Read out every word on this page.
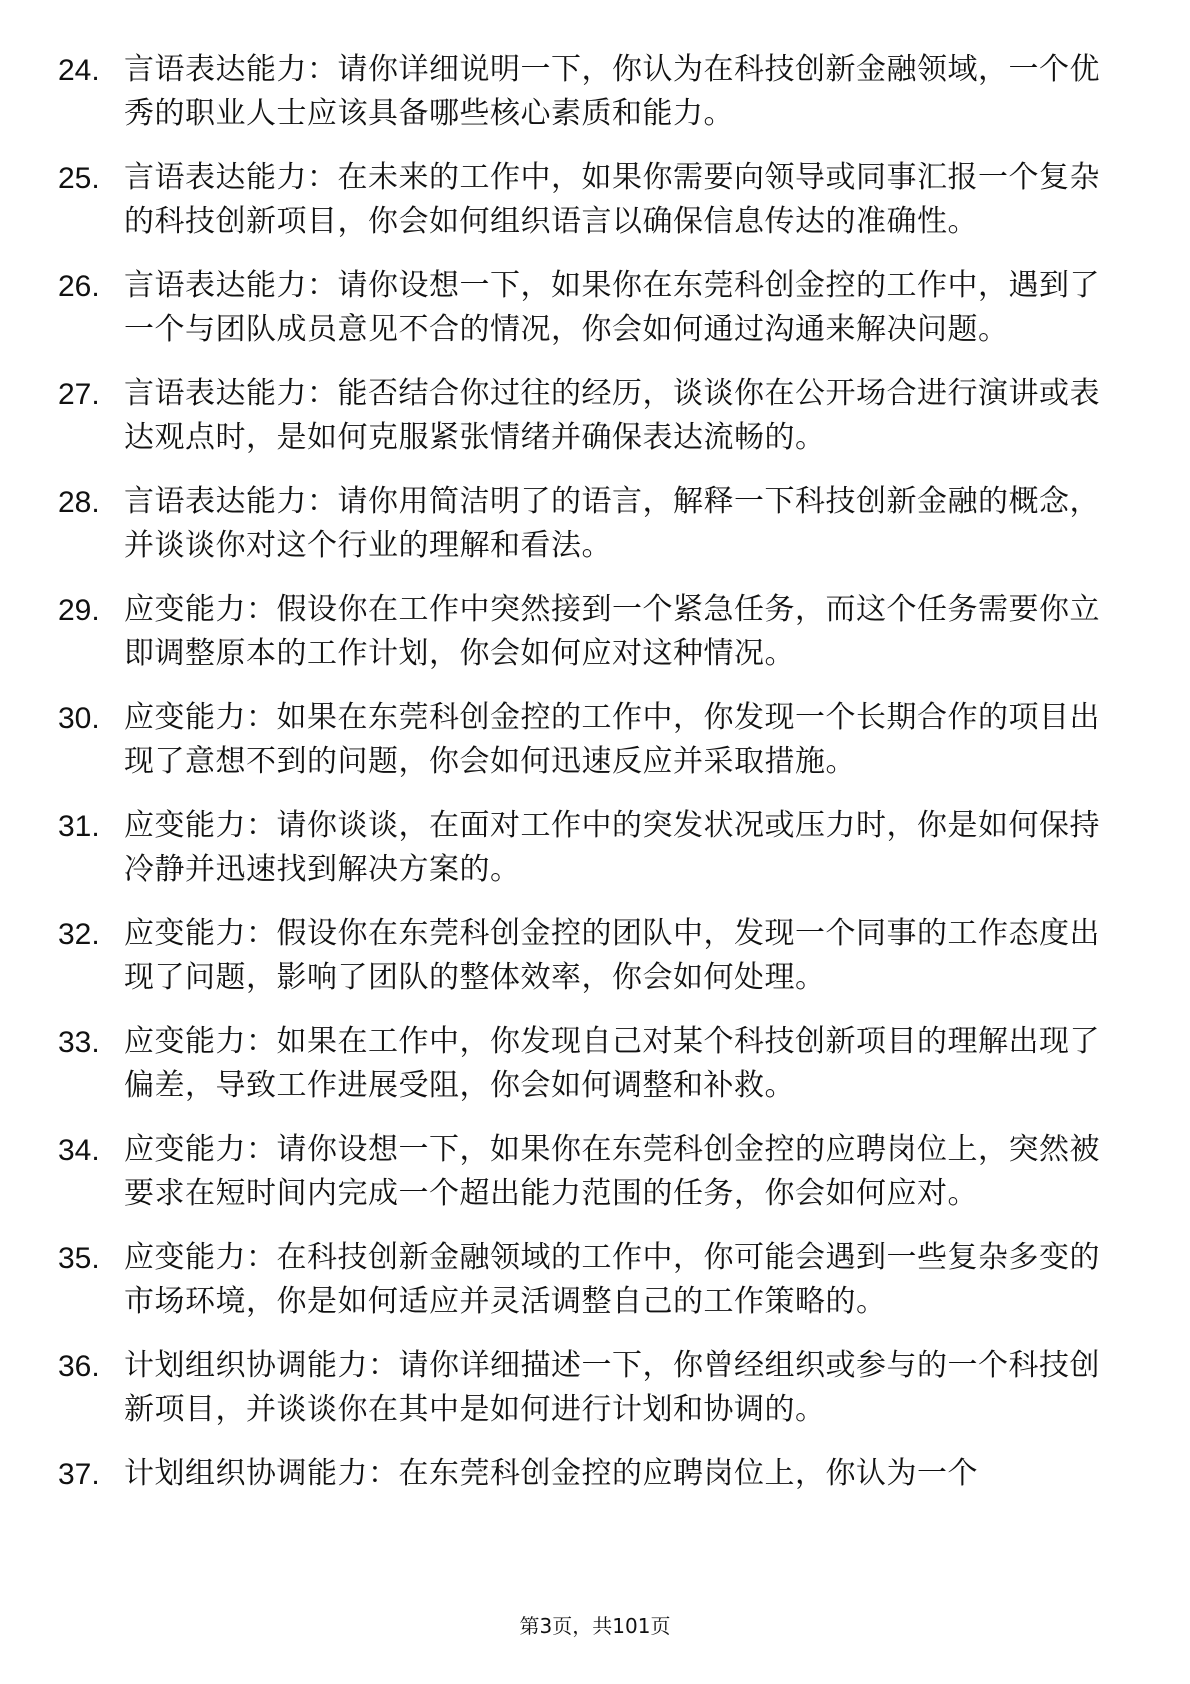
24. 言语表达能力：请你详细说明一下，你认为在科技创新金融领域，一个优秀的职业人士应该具备哪些核心素质和能力。
25. 言语表达能力：在未来的工作中，如果你需要向领导或同事汇报一个复杂的科技创新项目，你会如何组织语言以确保信息传达的准确性。
26. 言语表达能力：请你设想一下，如果你在东莞科创金控的工作中，遇到了一个与团队成员意见不合的情况，你会如何通过沟通来解决问题。
27. 言语表达能力：能否结合你过往的经历，谈谈你在公开场合进行演讲或表达观点时，是如何克服紧张情绪并确保表达流畅的。
28. 言语表达能力：请你用简洁明了的语言，解释一下科技创新金融的概念，并谈谈你对这个行业的理解和看法。
29. 应变能力：假设你在工作中突然接到一个紧急任务，而这个任务需要你立即调整原本的工作计划，你会如何应对这种情况。
30. 应变能力：如果在东莞科创金控的工作中，你发现一个长期合作的项目出现了意想不到的问题，你会如何迅速反应并采取措施。
31. 应变能力：请你谈谈，在面对工作中的突发状况或压力时，你是如何保持冷静并迅速找到解决方案的。
32. 应变能力：假设你在东莞科创金控的团队中，发现一个同事的工作态度出现了问题，影响了团队的整体效率，你会如何处理。
33. 应变能力：如果在工作中，你发现自己对某个科技创新项目的理解出现了偏差，导致工作进展受阻，你会如何调整和补救。
34. 应变能力：请你设想一下，如果你在东莞科创金控的应聘岗位上，突然被要求在短时间内完成一个超出能力范围的任务，你会如何应对。
35. 应变能力：在科技创新金融领域的工作中，你可能会遇到一些复杂多变的市场环境，你是如何适应并灵活调整自己的工作策略的。
36. 计划组织协调能力：请你详细描述一下，你曾经组织或参与的一个科技创新项目，并谈谈你在其中是如何进行计划和协调的。
37. 计划组织协调能力：在东莞科创金控的应聘岗位上，你认为一个
第3页，共101页
